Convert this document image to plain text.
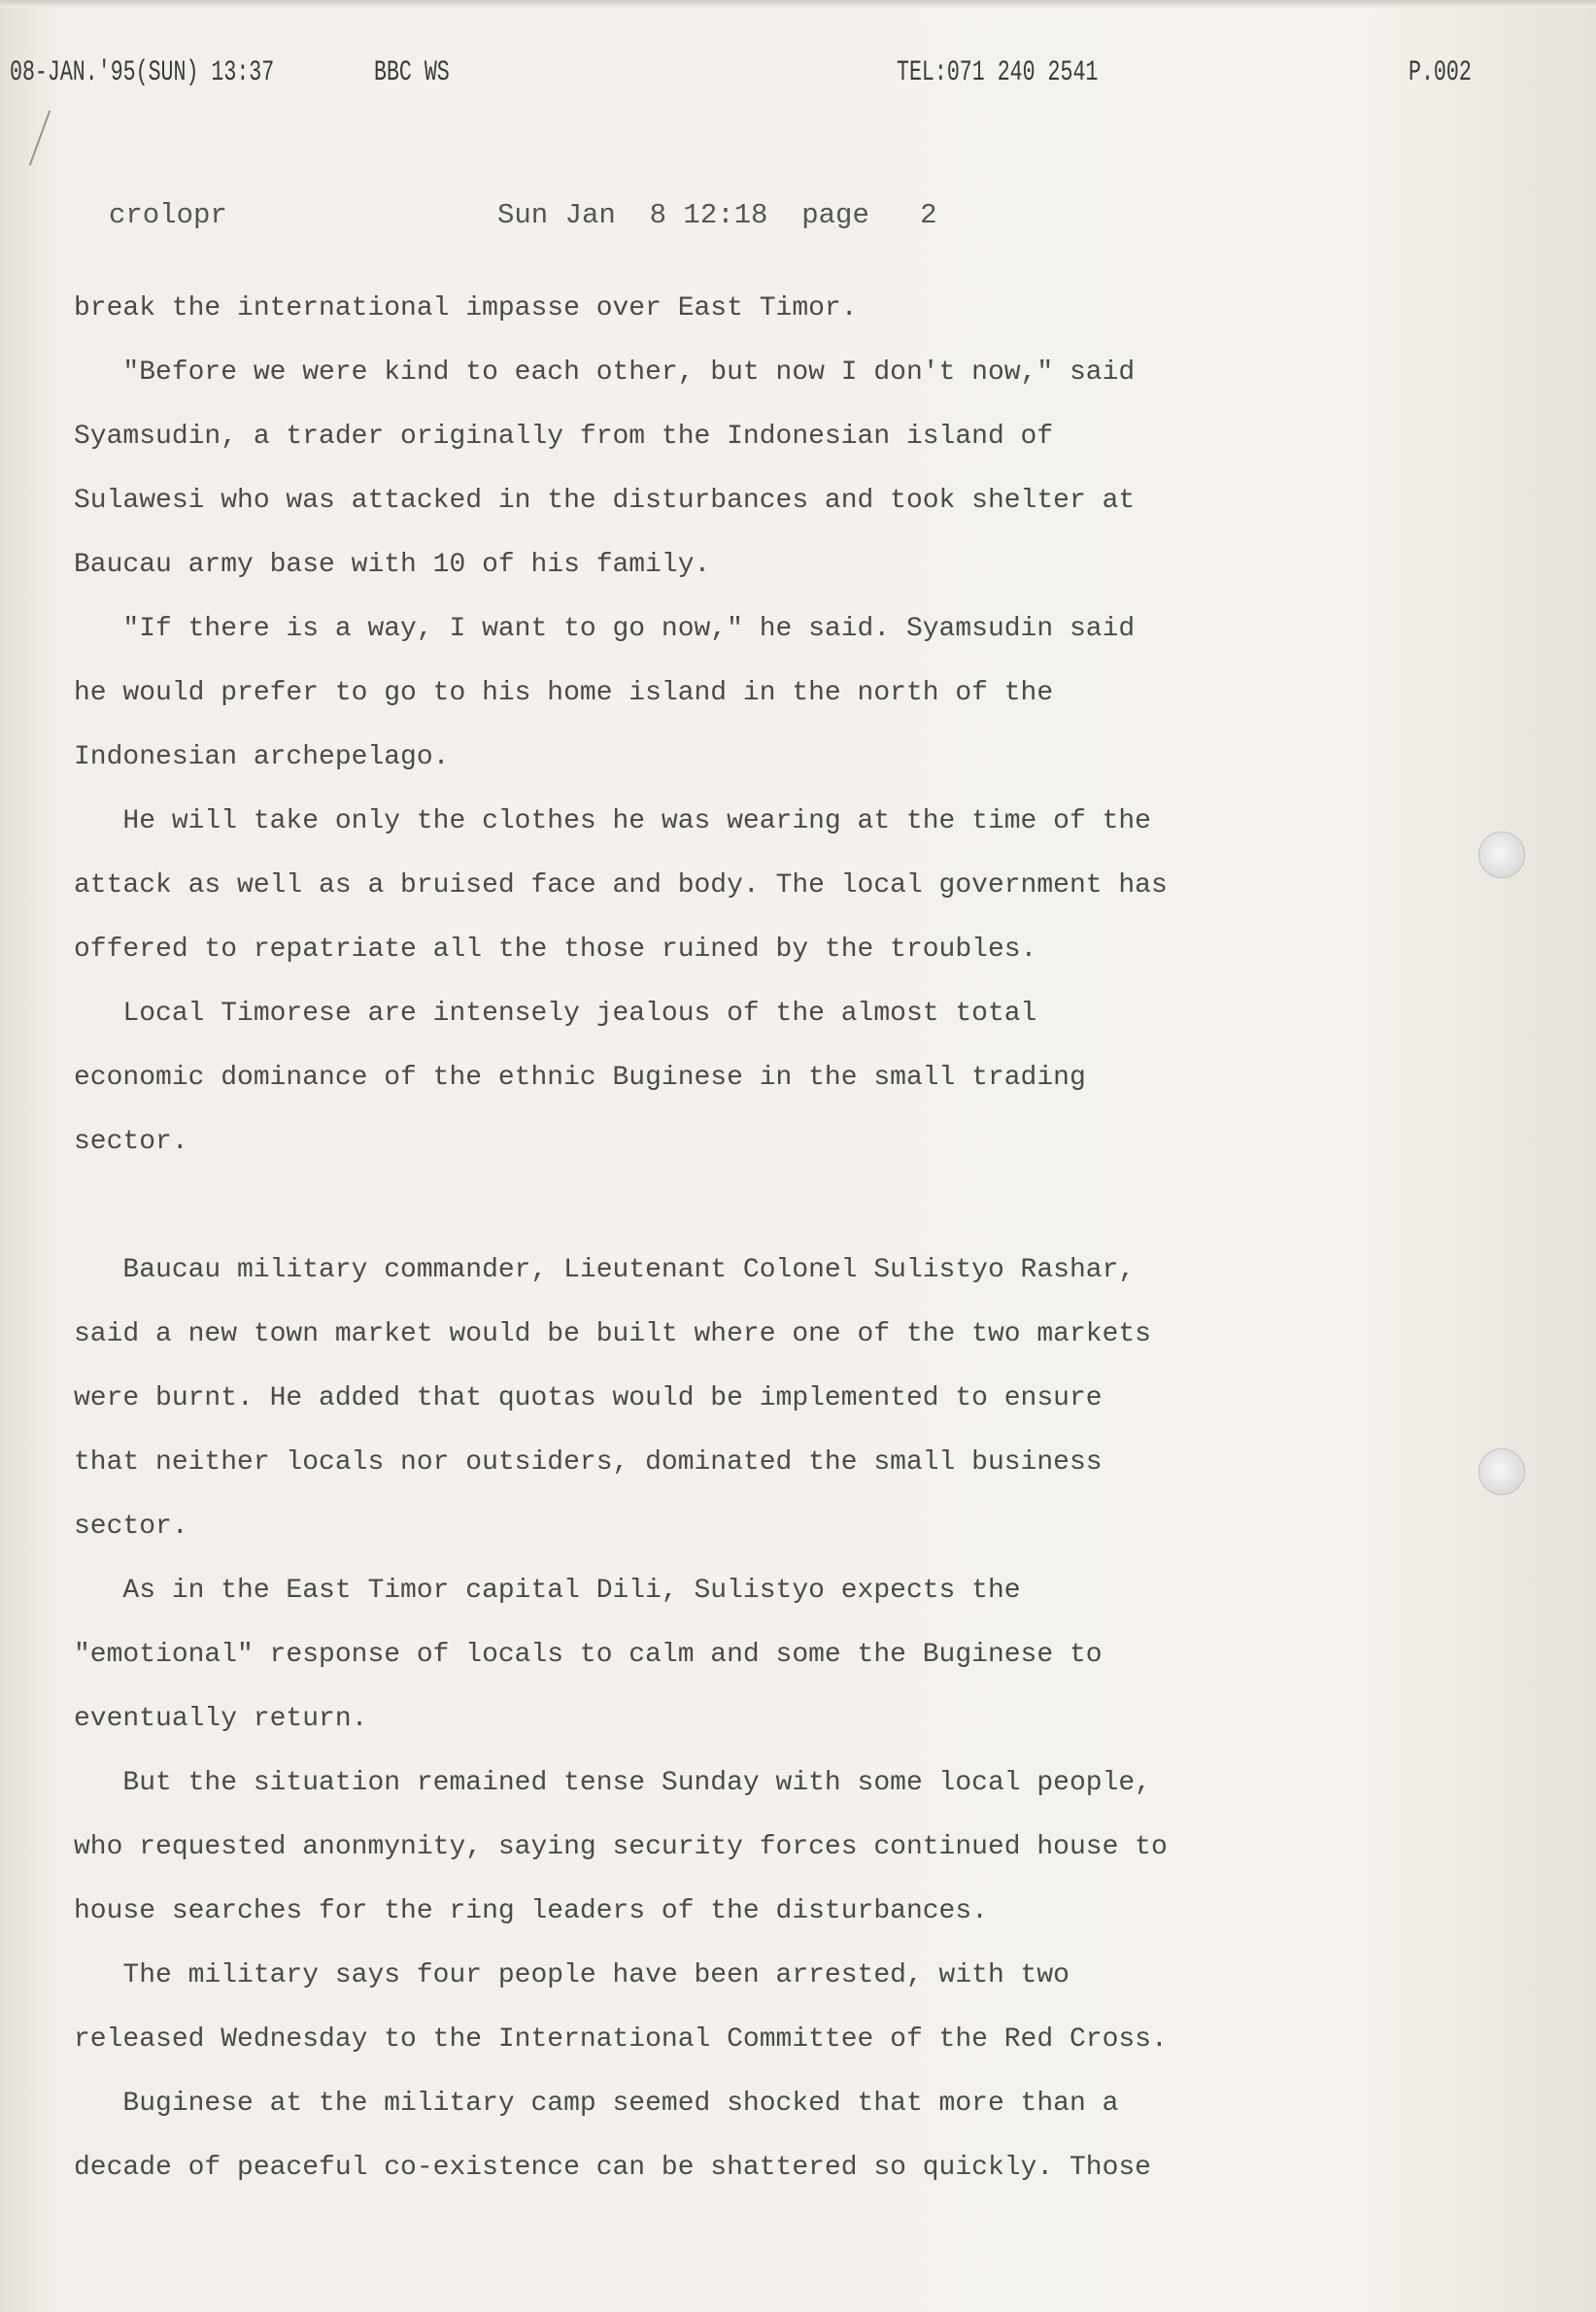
08-JAN.'95(SUN) 13:37	BBC WS	TEL:071 240 2541	P.002
crolopr	Sun Jan  8 12:18  page   2
break the international impasse over East Timor.
"Before we were kind to each other, but now I don't now," said
Syamsudin, a trader originally from the Indonesian island of
Sulawesi who was attacked in the disturbances and took shelter at
Baucau army base with 10 of his family.
"If there is a way, I want to go now," he said. Syamsudin said
he would prefer to go to his home island in the north of the
Indonesian archepelago.
He will take only the clothes he was wearing at the time of the
attack as well as a bruised face and body. The local government has
offered to repatriate all the those ruined by the troubles.
Local Timorese are intensely jealous of the almost total
economic dominance of the ethnic Buginese in the small trading
sector.
Baucau military commander, Lieutenant Colonel Sulistyo Rashar,
said a new town market would be built where one of the two markets
were burnt. He added that quotas would be implemented to ensure
that neither locals nor outsiders, dominated the small business
sector.
As in the East Timor capital Dili, Sulistyo expects the
"emotional" response of locals to calm and some the Buginese to
eventually return.
But the situation remained tense Sunday with some local people,
who requested anonmynity, saying security forces continued house to
house searches for the ring leaders of the disturbances.
The military says four people have been arrested, with two
released Wednesday to the International Committee of the Red Cross.
Buginese at the military camp seemed shocked that more than a
decade of peaceful co-existence can be shattered so quickly. Those
